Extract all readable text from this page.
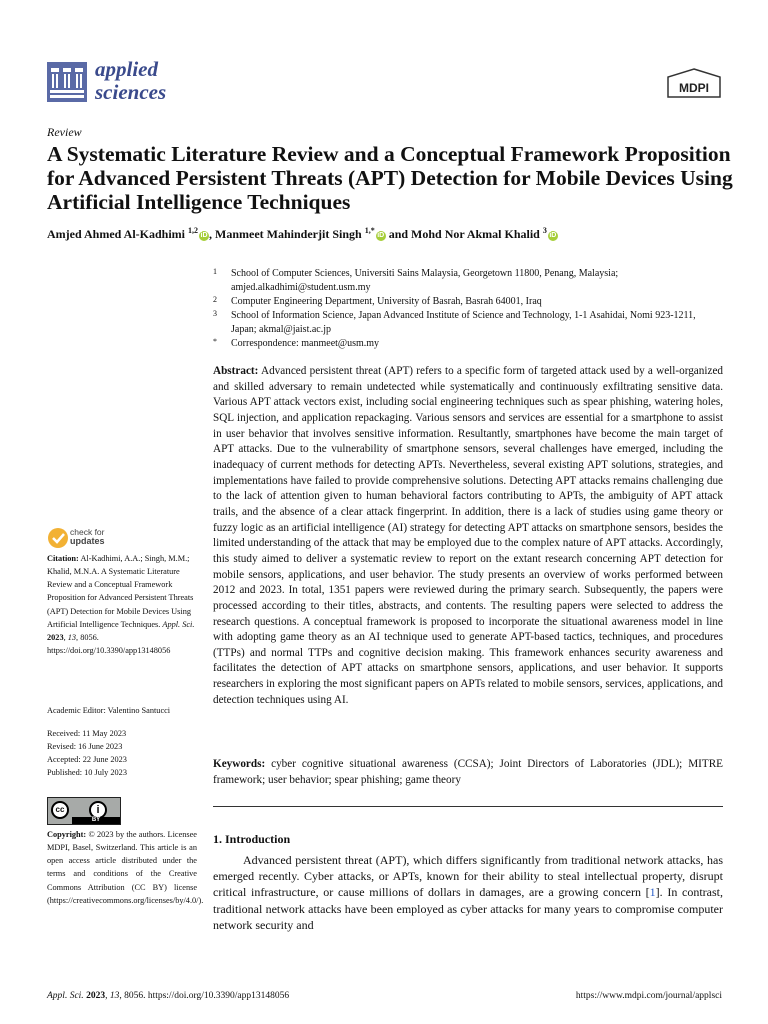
applied
sciences	MDPI
Review
A Systematic Literature Review and a Conceptual Framework Proposition for Advanced Persistent Threats (APT) Detection for Mobile Devices Using Artificial Intelligence Techniques
Amjed Ahmed Al-Kadhimi $^{1,2}$iD , Manmeet Mahinderjit Singh $^{1,*}$iD and Mohd Nor Akmal Khalid $^3$iD
1 School of Computer Sciences, Universiti Sains Malaysia, Georgetown 11800, Penang, Malaysia; amjed.alkadhimi@student.usm.my
2 Computer Engineering Department, University of Basrah, Basrah 64001, Iraq
3 School of Information Science, Japan Advanced Institute of Science and Technology, 1-1 Asahidai, Nomi 923-1211, Japan; akmal@jaist.ac.jp
* Correspondence: manmeet@usm.my
Abstract: Advanced persistent threat (APT) refers to a specific form of targeted attack used by a well-organized and skilled adversary to remain undetected while systematically and continuously exfiltrating sensitive data. Various APT attack vectors exist, including social engineering techniques such as spear phishing, watering holes, SQL injection, and application repackaging. Various sensors and services are essential for a smartphone to assist in user behavior that involves sensitive information. Resultantly, smartphones have become the main target of APT attacks. Due to the vulnerability of smartphone sensors, several challenges have emerged, including the inadequacy of current methods for detecting APTs. Nevertheless, several existing APT solutions, strategies, and implementations have failed to provide comprehensive solutions. Detecting APT attacks remains challenging due to the lack of attention given to human behavioral factors contributing to APTs, the ambiguity of APT attack trails, and the absence of a clear attack fingerprint. In addition, there is a lack of studies using game theory or fuzzy logic as an artificial intelligence (AI) strategy for detecting APT attacks on smartphone sensors, besides the limited understanding of the attack that may be employed due to the complex nature of APT attacks. Accordingly, this study aimed to deliver a systematic review to report on the extant research concerning APT detection for mobile sensors, applications, and user behavior. The study presents an overview of works performed between 2012 and 2023. In total, 1351 papers were reviewed during the primary search. Subsequently, the papers were processed according to their titles, abstracts, and contents. The resulting papers were selected to address the research questions. A conceptual framework is proposed to incorporate the situational awareness model in line with adopting game theory as an AI technique used to generate APT-based tactics, techniques, and procedures (TTPs) and normal TTPs and cognitive decision making. This framework enhances security awareness and facilitates the detection of APT attacks on smartphone sensors, applications, and user behavior. It supports researchers in exploring the most significant papers on APTs related to mobile sensors, services, applications, and detection techniques using AI.
Keywords: cyber cognitive situational awareness (CCSA); Joint Directors of Laboratories (JDL); MITRE framework; user behavior; spear phishing; game theory
1. Introduction

Advanced persistent threat (APT), which differs significantly from traditional network attacks, has emerged recently. Cyber attacks, or APTs, known for their ability to steal intellectual property, disrupt critical infrastructure, or cause millions of dollars in damages, are a growing concern [1]. In contrast, traditional network attacks have been employed as cyber attacks for many years to compromise computer network security and

check for
updates
Citation: Al-Kadhimi, A.A.; Singh, M.M.; Khalid, M.N.A. A Systematic Literature Review and a Conceptual Framework Proposition for Advanced Persistent Threats (APT) Detection for Mobile Devices Using Artificial Intelligence Techniques. Appl. Sci. 2023, 13, 8056. https://doi.org/10.3390/app13148056
Academic Editor: Valentino Santucci
Received: 11 May 2023
Revised: 16 June 2023
Accepted: 22 June 2023
Published: 10 July 2023
cc	i
BY
Copyright: © 2023 by the authors. Licensee MDPI, Basel, Switzerland. This article is an open access article distributed under the terms and conditions of the Creative Commons Attribution (CC BY) license (https://creativecommons.org/licenses/by/4.0/).
Appl. Sci. 2023, 13, 8056. https://doi.org/10.3390/app13148056	https://www.mdpi.com/journal/applsci
